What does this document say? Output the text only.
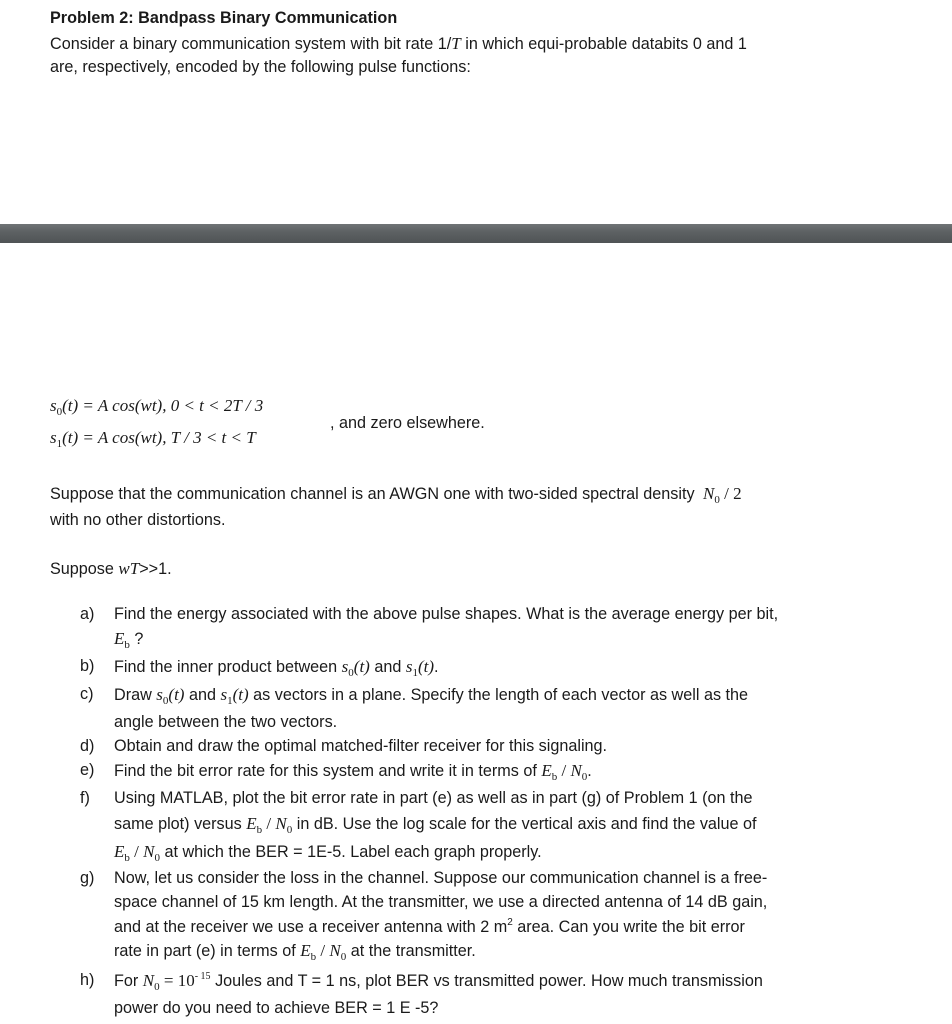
Problem 2: Bandpass Binary Communication
Consider a binary communication system with bit rate 1/T in which equi-probable databits 0 and 1
are, respectively, encoded by the following pulse functions:
$s_0(t) = A$ cos(wt), 0 < t < 2T / 3
$s_1(t) = A$ cos(wt), T / 3 < t < T
, and zero elsewhere.
Suppose that the communication channel is an AWGN one with two-sided spectral density $N_0 / 2$
with no other distortions.
Suppose wT>>1.
a) Find the energy associated with the above pulse shapes. What is the average energy per bit,
$E_b$ ?
b) Find the inner product between $s_0(t)$ and $s_1(t)$.
c) Draw $s_0(t)$ and $s_1(t)$ as vectors in a plane. Specify the length of each vector as well as the
angle between the two vectors.
d) Obtain and draw the optimal matched-filter receiver for this signaling.
e) Find the bit error rate for this system and write it in terms of $E_b / N_0$.
f) Using MATLAB, plot the bit error rate in part (e) as well as in part (g) of Problem 1 (on the
same plot) versus $E_b / N_0$ in dB. Use the log scale for the vertical axis and find the value of
$E_b / N_0$ at which the BER = 1E-5. Label each graph properly.
g) Now, let us consider the loss in the channel. Suppose our communication channel is a free-
space channel of 15 km length. At the transmitter, we use a directed antenna of 14 dB gain,
and at the receiver we use a receiver antenna with 2 $m^2$ area. Can you write the bit error
rate in part (e) in terms of $E_b / N_0$ at the transmitter.
h) For $N_0 = 10^{- 15}$ Joules and T = 1 ns, plot BER vs transmitted power. How much transmission
power do you need to achieve BER = 1 E -5?
